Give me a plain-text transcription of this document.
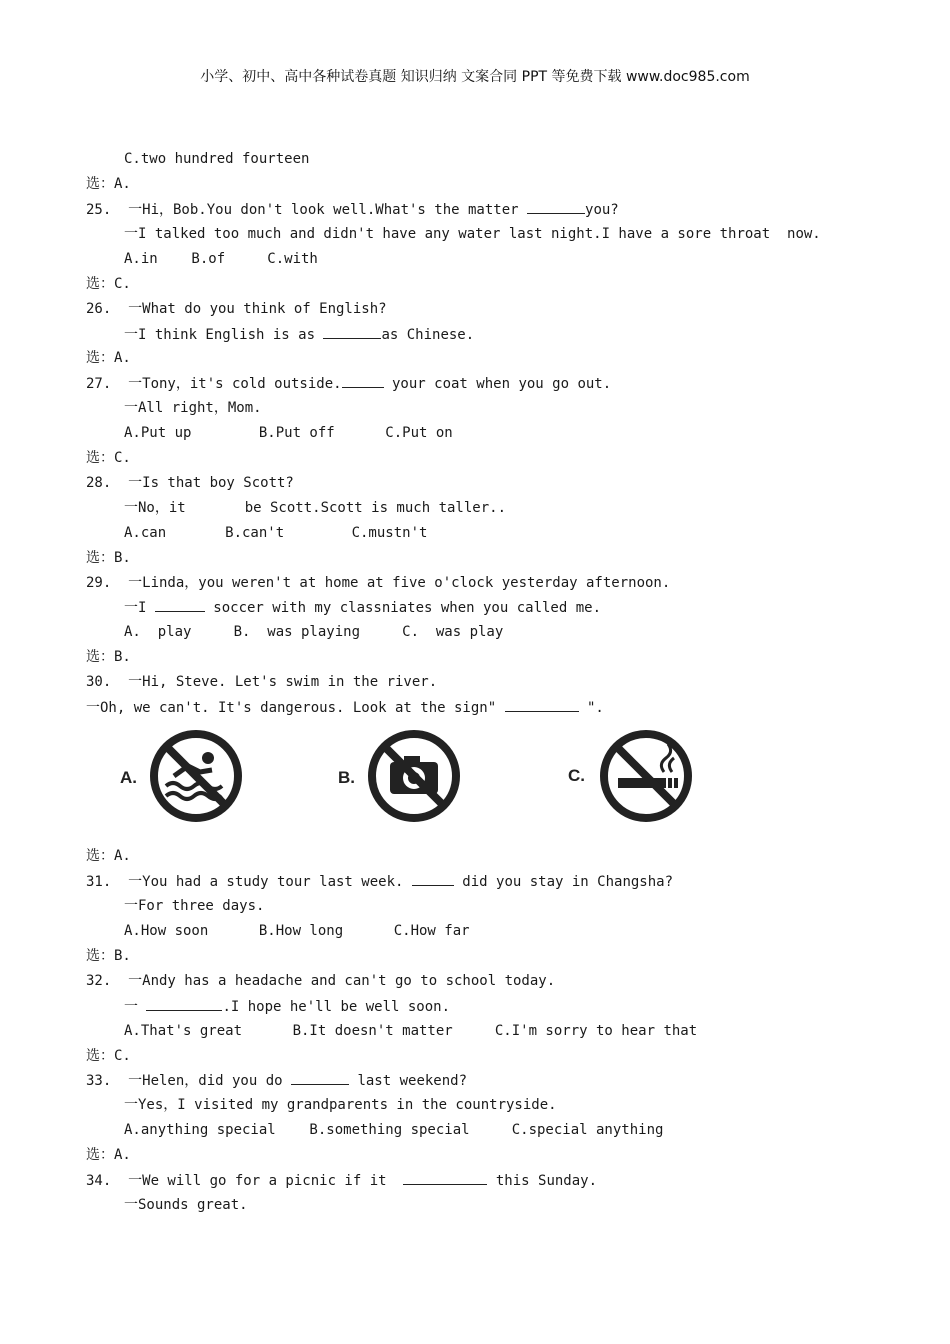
小学、初中、高中各种试卷真题 知识归纳 文案合同 PPT 等免费下载 www.doc985.com
C.two hundred fourteen
选：A.
25.  一Hi，Bob.You don't look well.What's the matter	you?
一I talked too much and didn't have any water last night.I have a sore throat  now.
A.in    B.of     C.with
选：C.
26.  一What do you think of English?
一I think English is as	as Chinese.
选：A.
27.  一Tony，it's cold outside.	your coat when you go out.
一All right，Mom.
A.Put up        B.Put off      C.Put on
选：C.
28.  一Is that boy Scott?
一No，it       be Scott.Scott is much taller..
A.can       B.can't        C.mustn't
选：B.
29.  一Linda，you weren't at home at five o'clock yesterday afternoon.
一I	soccer with my classniates when you called me.
A.  play     B.  was playing     C.  was play
选：B.
30.  一Hi, Steve. Let's swim in the river.
一Oh, we can't. It's dangerous. Look at the sign"	".
A.	B.	C.
选：A.
31.  一You had a study tour last week.	did you stay in Changsha?
一For three days.
A.How soon      B.How long      C.How far
选：B.
32.  一Andy has a headache and can't go to school today.
一	.I hope he'll be well soon.
A.That's great      B.It doesn't matter     C.I'm sorry to hear that
选：C.
33.  一Helen，did you do	last weekend?
一Yes，I visited my grandparents in the countryside.
A.anything special    B.something special     C.special anything
选：A.
34.  一We will go for a picnic if it	this Sunday.
一Sounds great.
